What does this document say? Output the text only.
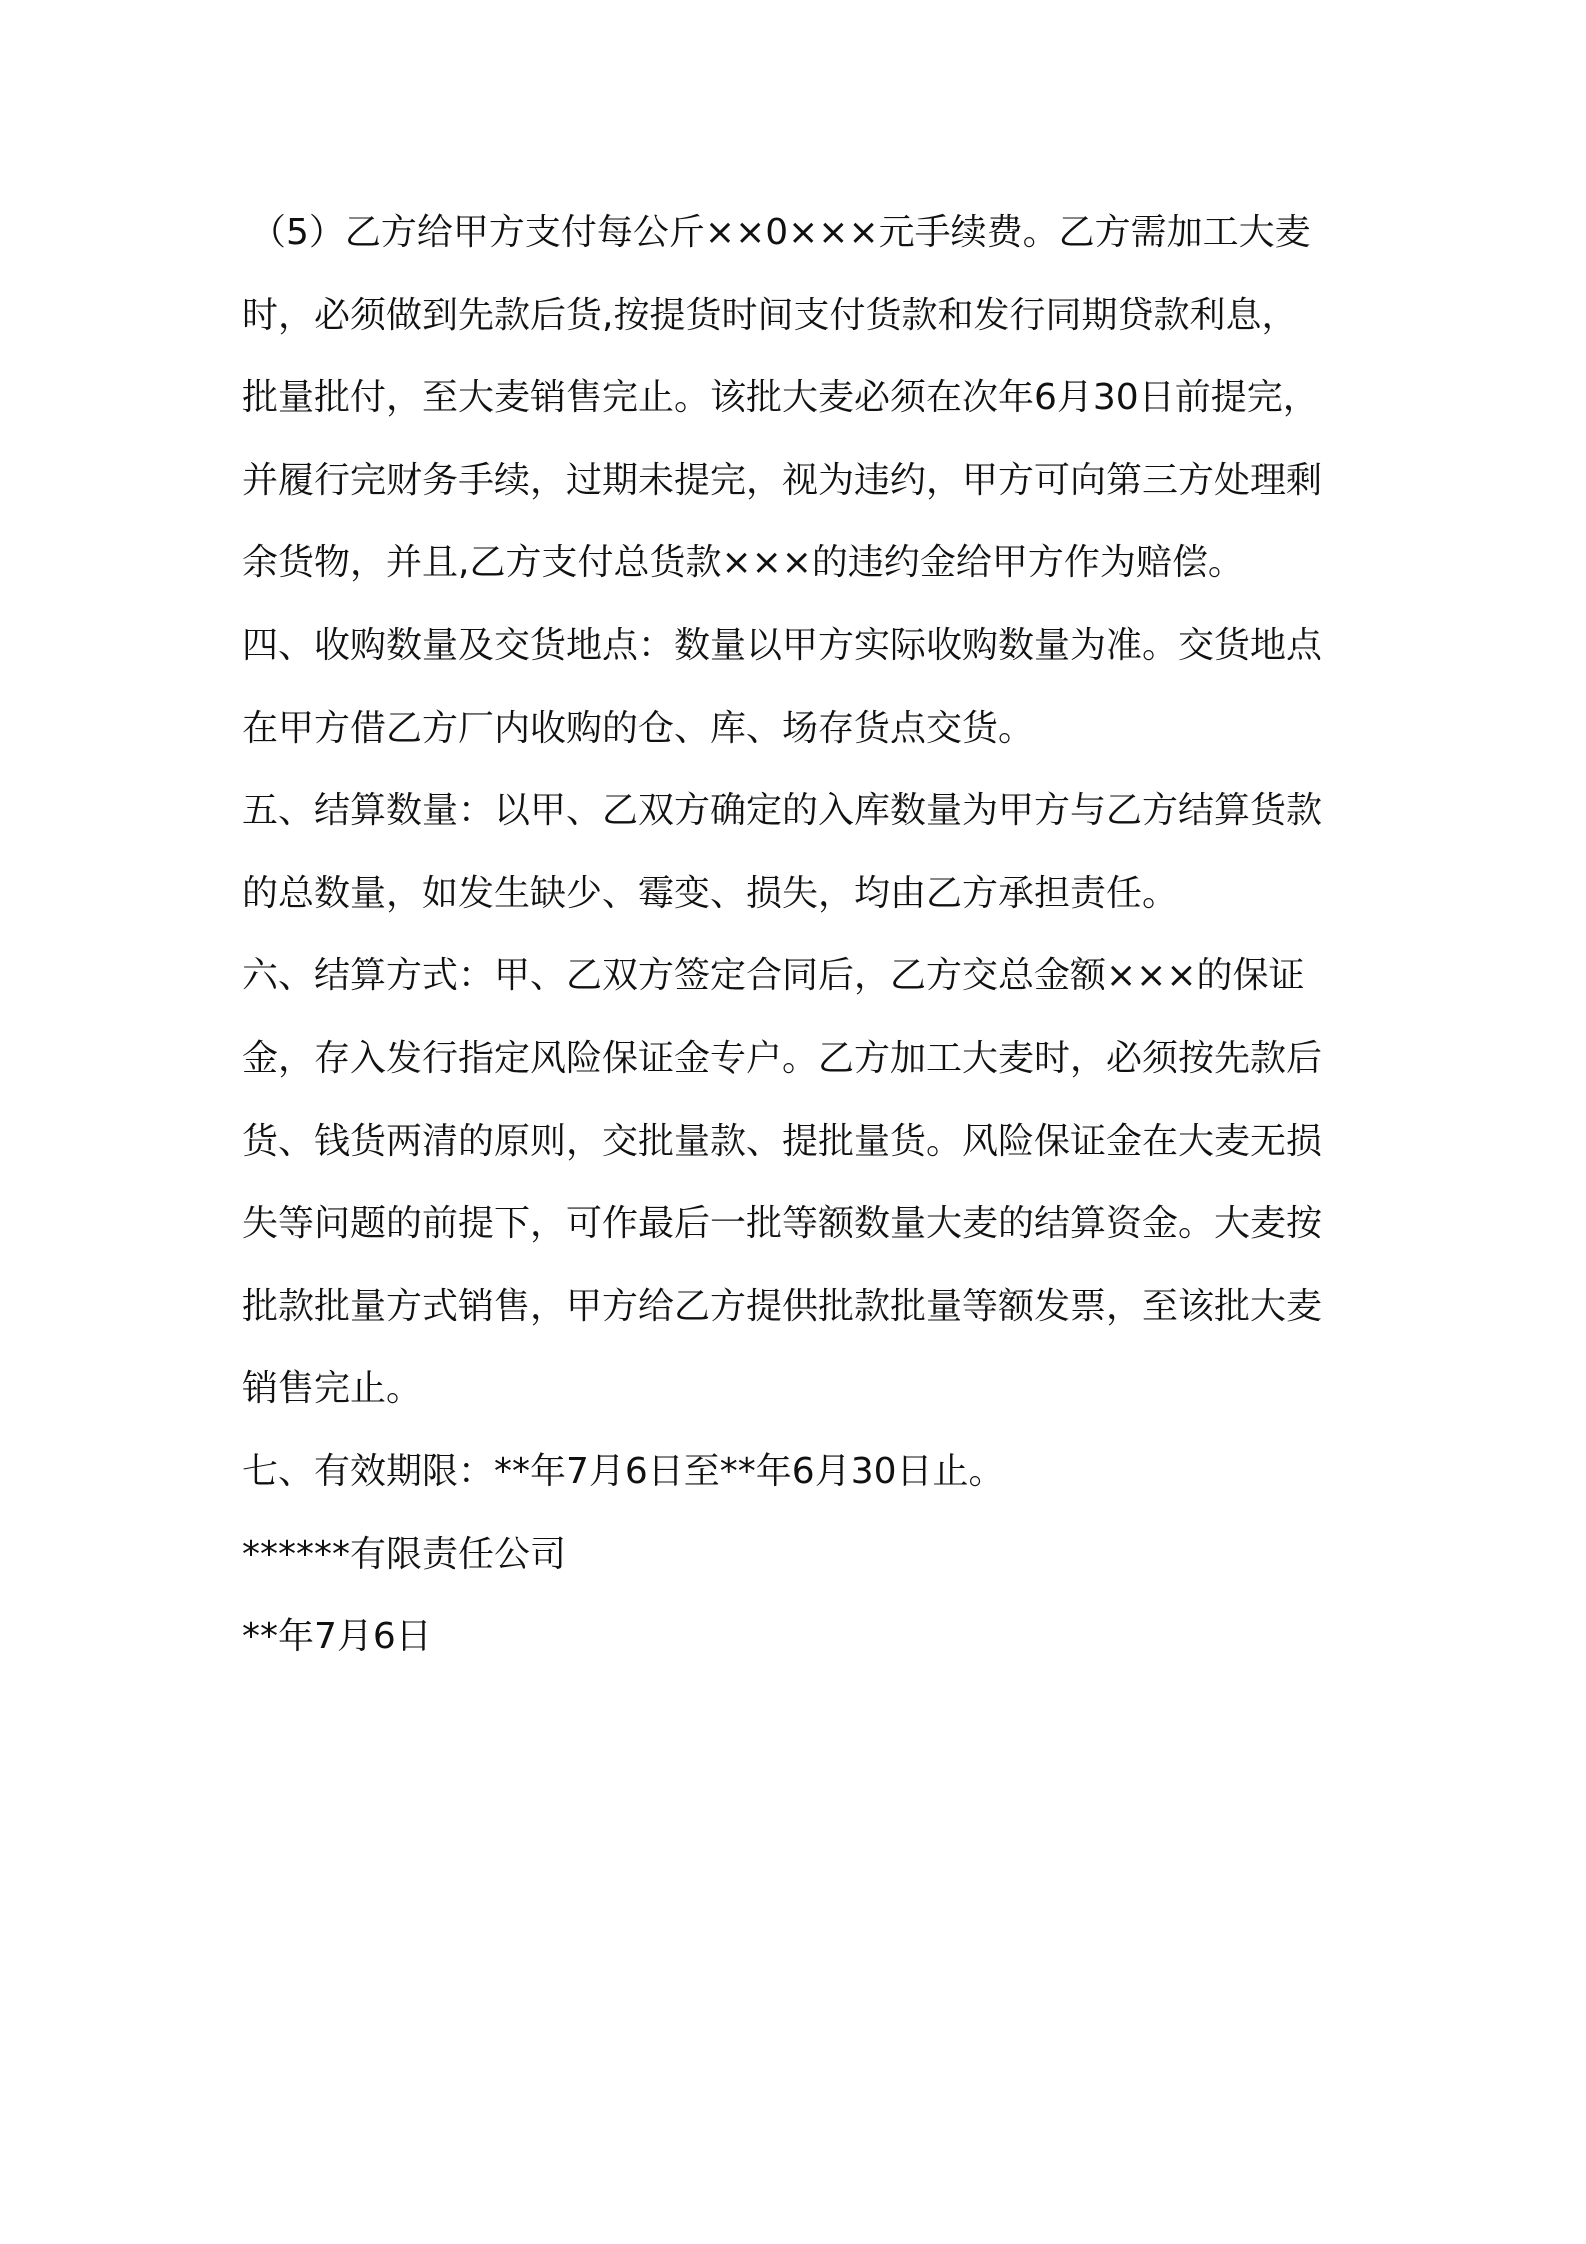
（5）乙方给甲方支付每公斤××0×××元手续费。乙方需加工大麦
时，必须做到先款后货,按提货时间支付货款和发行同期贷款利息，
批量批付，至大麦销售完止。该批大麦必须在次年6月30日前提完，
并履行完财务手续，过期未提完，视为违约，甲方可向第三方处理剩
余货物，并且,乙方支付总货款×××的违约金给甲方作为赔偿。
四、收购数量及交货地点：数量以甲方实际收购数量为准。交货地点
在甲方借乙方厂内收购的仓、库、场存货点交货。
五、结算数量：以甲、乙双方确定的入库数量为甲方与乙方结算货款
的总数量，如发生缺少、霉变、损失，均由乙方承担责任。
六、结算方式：甲、乙双方签定合同后，乙方交总金额×××的保证
金，存入发行指定风险保证金专户。乙方加工大麦时，必须按先款后
货、钱货两清的原则，交批量款、提批量货。风险保证金在大麦无损
失等问题的前提下，可作最后一批等额数量大麦的结算资金。大麦按
批款批量方式销售，甲方给乙方提供批款批量等额发票，至该批大麦
销售完止。
七、有效期限：**年7月6日至**年6月30日止。
******有限责任公司
**年7月6日
